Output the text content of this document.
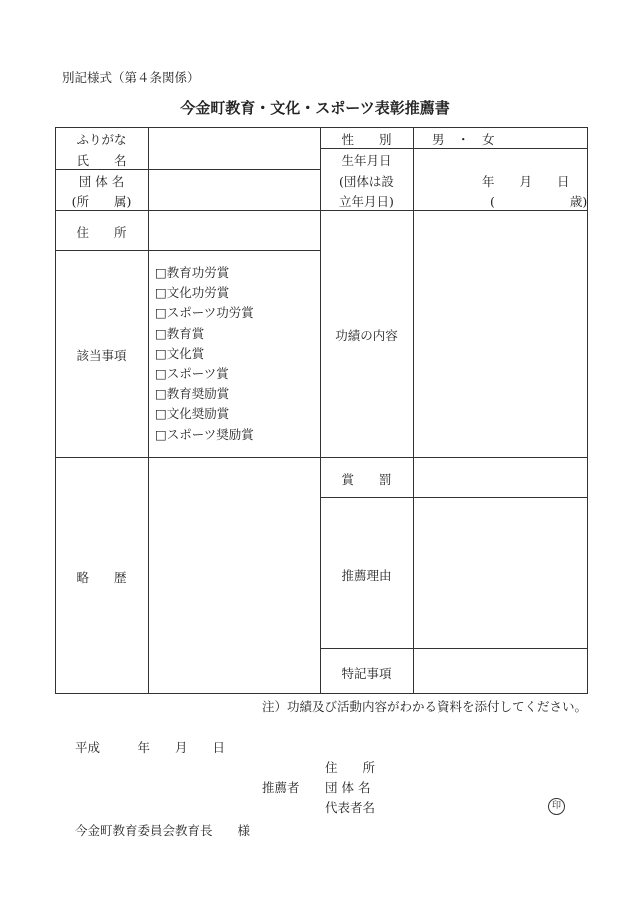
別記様式（第４条関係）
今金町教育・文化・スポーツ表彰推薦書
ふりがな
氏　　名
団 体 名
(所　　属)
性　　別	男　・　女
生年月日
(団体は設
立年月日)
年　　月　　日
(　　　　　　歳)
住　　所
該当事項
□教育功労賞
□文化功労賞
□スポーツ功労賞
□教育賞
□文化賞
□スポーツ賞
□教育奨励賞
□文化奨励賞
□スポーツ奨励賞
功績の内容
略　　歴
賞　　罰
推薦理由
特記事項
注）功績及び活動内容がわかる資料を添付してください。
平成　　　年　　月　　日
住　　所
推薦者 団 体 名
代表者名	印
今金町教育委員会教育長　　様
